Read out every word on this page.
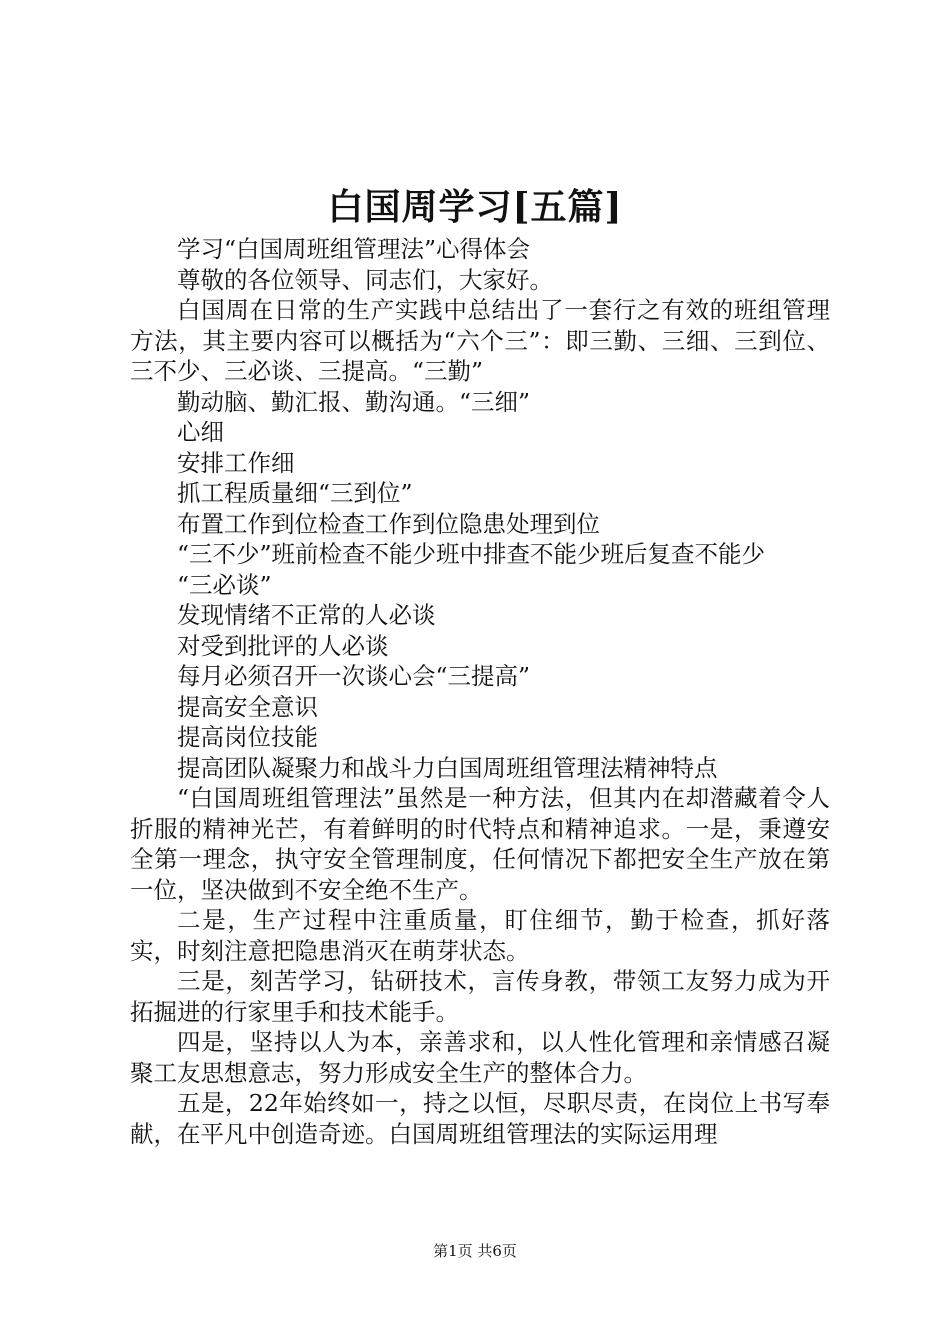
白国周学习[五篇]

学习“白国周班组管理法”心得体会

尊敬的各位领导、同志们，大家好。

白国周在日常的生产实践中总结出了一套行之有效的班组管理方法，其主要内容可以概括为“六个三”：即三勤、三细、三到位、三不少、三必谈、三提高。“三勤”

勤动脑、勤汇报、勤沟通。“三细”

心细

安排工作细

抓工程质量细“三到位”

布置工作到位检查工作到位隐患处理到位

“三不少”班前检查不能少班中排查不能少班后复查不能少

“三必谈”

发现情绪不正常的人必谈

对受到批评的人必谈

每月必须召开一次谈心会“三提高”

提高安全意识

提高岗位技能

提高团队凝聚力和战斗力白国周班组管理法精神特点

“白国周班组管理法”虽然是一种方法，但其内在却潜藏着令人折服的精神光芒，有着鲜明的时代特点和精神追求。一是，秉遵安全第一理念，执守安全管理制度，任何情况下都把安全生产放在第一位，坚决做到不安全绝不生产。

二是，生产过程中注重质量，盯住细节，勤于检查，抓好落实，时刻注意把隐患消灭在萌芽状态。

三是，刻苦学习，钻研技术，言传身教，带领工友努力成为开拓掘进的行家里手和技术能手。

四是，坚持以人为本，亲善求和，以人性化管理和亲情感召凝聚工友思想意志，努力形成安全生产的整体合力。

五是，22年始终如一，持之以恒，尽职尽责，在岗位上书写奉献，在平凡中创造奇迹。白国周班组管理法的实际运用理

第1页 共6页
